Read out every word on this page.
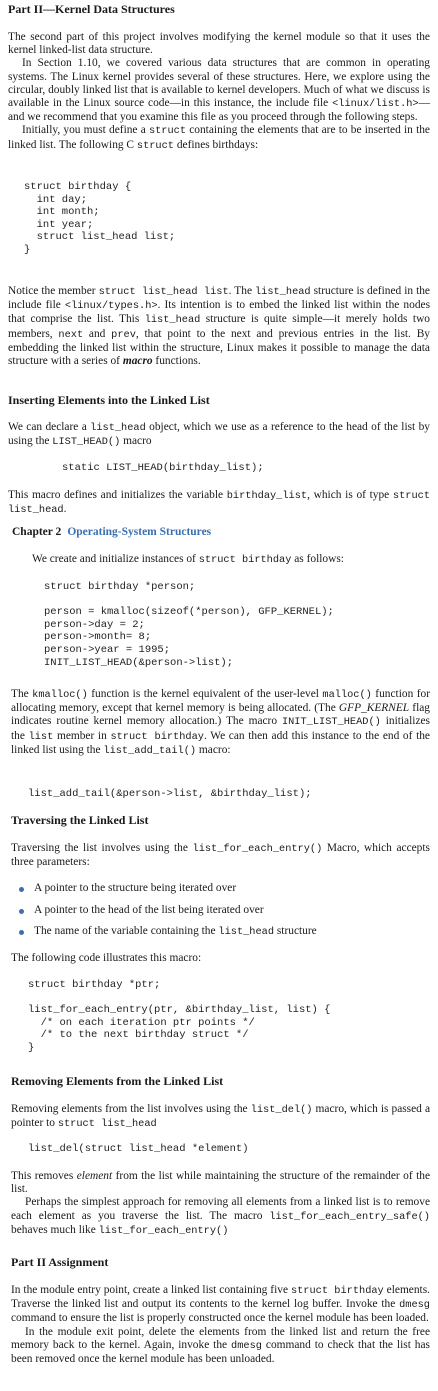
Part II—Kernel Data Structures

The second part of this project involves modifying the kernel module so that it uses the kernel linked-list data structure.

In Section 1.10, we covered various data structures that are common in operating systems. The Linux kernel provides several of these structures. Here, we explore using the circular, doubly linked list that is available to kernel developers. Much of what we discuss is available in the Linux source code—in this instance, the include file <linux/list.h>—and we recommend that you examine this file as you proceed through the following steps.

Initially, you must define a struct containing the elements that are to be inserted in the linked list. The following C struct defines birthdays:

struct birthday {
int day;
int month;
int year;
struct list_head list;
}

Notice the member struct list_head list. The list_head structure is defined in the include file <linux/types.h>. Its intention is to embed the linked list within the nodes that comprise the list. This list_head structure is quite simple—it merely holds two members, next and prev, that point to the next and previous entries in the list. By embedding the linked list within the structure, Linux makes it possible to manage the data structure with a series of macro functions.

Inserting Elements into the Linked List

We can declare a list_head object, which we use as a reference to the head of the list by using the LIST_HEAD() macro

static LIST_HEAD(birthday_list);

This macro defines and initializes the variable birthday_list, which is of type struct list_head.

Chapter 2 Operating-System Structures

We create and initialize instances of struct birthday as follows:

struct birthday *person;

person = kmalloc(sizeof(*person), GFP_KERNEL);
person->day = 2;
person->month= 8;
person->year = 1995;
INIT_LIST_HEAD(&person->list);

The kmalloc() function is the kernel equivalent of the user-level malloc() function for allocating memory, except that kernel memory is being allocated. (The GFP_KERNEL flag indicates routine kernel memory allocation.) The macro INIT_LIST_HEAD() initializes the list member in struct birthday. We can then add this instance to the end of the linked list using the list_add_tail() macro:

list_add_tail(&person->list, &birthday_list);
Traversing the Linked List

Traversing the list involves using the list_for_each_entry() Macro, which accepts three parameters:

A pointer to the structure being iterated over
A pointer to the head of the list being iterated over
The name of the variable containing the list_head structure
The following code illustrates this macro:
struct birthday *ptr;

list_for_each_entry(ptr, &birthday_list, list) {
/* on each iteration ptr points */
/* to the next birthday struct */
}
Removing Elements from the Linked List

Removing elements from the list involves using the list_del() macro, which is passed a pointer to struct list_head

list_del(struct list_head *element)

This removes element from the list while maintaining the structure of the remainder of the list.

Perhaps the simplest approach for removing all elements from a linked list is to remove each element as you traverse the list. The macro list_for_each_entry_safe() behaves much like list_for_each_entry()

Part II Assignment

In the module entry point, create a linked list containing five struct birthday elements. Traverse the linked list and output its contents to the kernel log buffer. Invoke the dmesg command to ensure the list is properly constructed once the kernel module has been loaded.

In the module exit point, delete the elements from the linked list and return the free memory back to the kernel. Again, invoke the dmesg command to check that the list has been removed once the kernel module has been unloaded.
